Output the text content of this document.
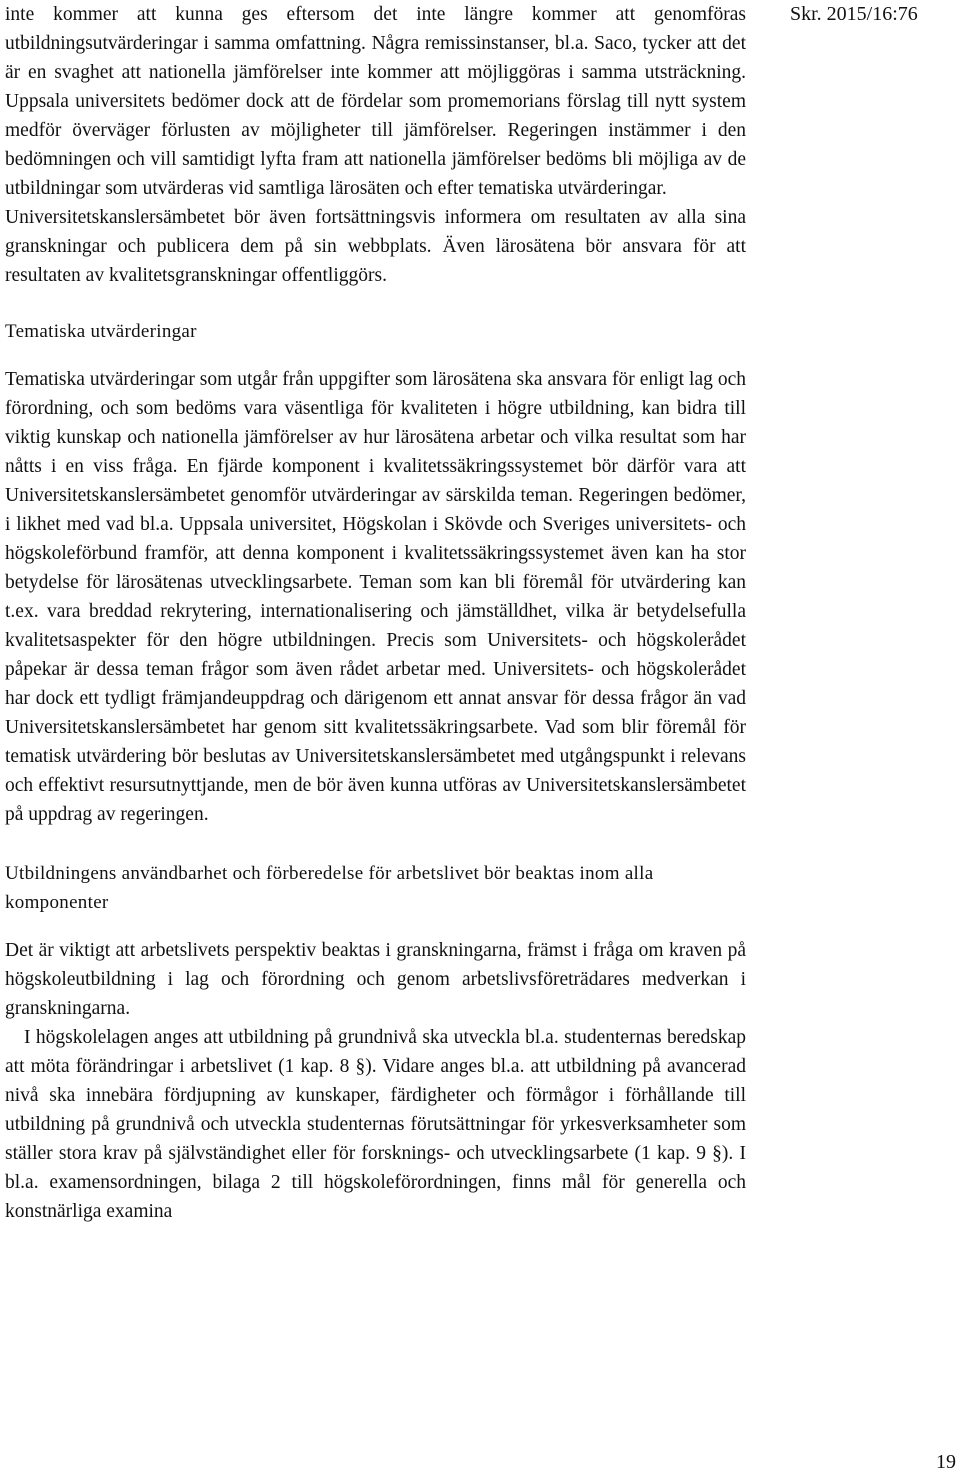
inte kommer att kunna ges eftersom det inte längre kommer att genomföras utbildningsutvärderingar i samma omfattning. Några remissinstanser, bl.a. Saco, tycker att det är en svaghet att nationella jämförelser inte kommer att möjliggöras i samma utsträckning. Uppsala universitets bedömer dock att de fördelar som promemorians förslag till nytt system medför överväger förlusten av möjligheter till jämförelser. Regeringen instämmer i den bedömningen och vill samtidigt lyfta fram att nationella jämförelser bedöms bli möjliga av de utbildningar som utvärderas vid samtliga lärosäten och efter tematiska utvärderingar.

Universitetskanslersämbetet bör även fortsättningsvis informera om resultaten av alla sina granskningar och publicera dem på sin webbplats. Även lärosätena bör ansvara för att resultaten av kvalitetsgranskningar offentliggörs.

Tematiska utvärderingar

Tematiska utvärderingar som utgår från uppgifter som lärosätena ska ansvara för enligt lag och förordning, och som bedöms vara väsentliga för kvaliteten i högre utbildning, kan bidra till viktig kunskap och nationella jämförelser av hur lärosätena arbetar och vilka resultat som har nåtts i en viss fråga. En fjärde komponent i kvalitetssäkringssystemet bör därför vara att Universitetskanslersämbetet genomför utvärderingar av särskilda teman. Regeringen bedömer, i likhet med vad bl.a. Uppsala universitet, Högskolan i Skövde och Sveriges universitets- och högskoleförbund framför, att denna komponent i kvalitetssäkringssystemet även kan ha stor betydelse för lärosätenas utvecklingsarbete. Teman som kan bli föremål för utvärdering kan t.ex. vara breddad rekrytering, internationalisering och jämställdhet, vilka är betydelsefulla kvalitetsaspekter för den högre utbildningen. Precis som Universitets- och högskolerådet påpekar är dessa teman frågor som även rådet arbetar med. Universitets- och högskolerådet har dock ett tydligt främjandeuppdrag och därigenom ett annat ansvar för dessa frågor än vad Universitetskanslersämbetet har genom sitt kvalitetssäkringsarbete. Vad som blir föremål för tematisk utvärdering bör beslutas av Universitetskanslersämbetet med utgångspunkt i relevans och effektivt resursutnyttjande, men de bör även kunna utföras av Universitetskanslersämbetet på uppdrag av regeringen.

Utbildningens användbarhet och förberedelse för arbetslivet bör beaktas inom alla komponenter

Det är viktigt att arbetslivets perspektiv beaktas i granskningarna, främst i fråga om kraven på högskoleutbildning i lag och förordning och genom arbetslivsföreträdares medverkan i granskningarna.

I högskolelagen anges att utbildning på grundnivå ska utveckla bl.a. studenternas beredskap att möta förändringar i arbetslivet (1 kap. 8 §). Vidare anges bl.a. att utbildning på avancerad nivå ska innebära fördjupning av kunskaper, färdigheter och förmågor i förhållande till utbildning på grundnivå och utveckla studenternas förutsättningar för yrkesverksamheter som ställer stora krav på självständighet eller för forsknings- och utvecklingsarbete (1 kap. 9 §). I bl.a. examensordningen, bilaga 2 till högskoleförordningen, finns mål för generella och konstnärliga examina

Skr. 2015/16:76
19
